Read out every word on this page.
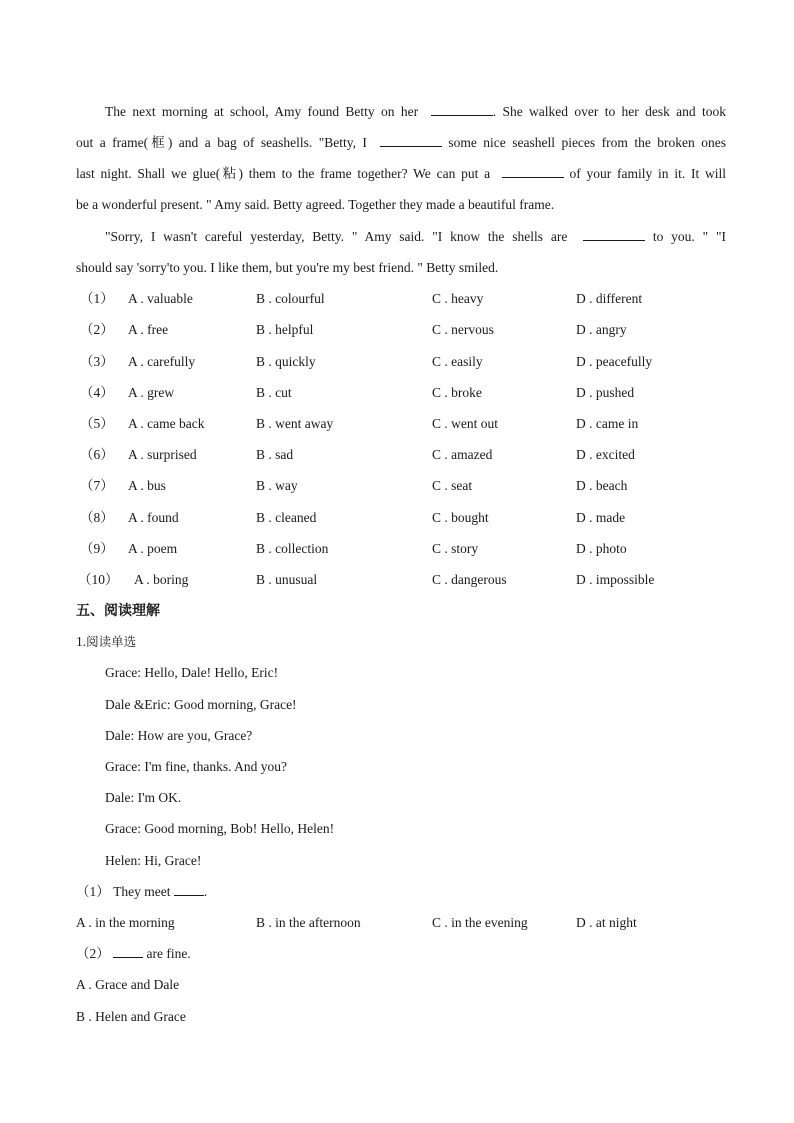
The next morning at school, Amy found Betty on her	. She walked over to her desk and took
out a frame(框) and a bag of seashells. "Betty, I	some nice seashell pieces from the broken ones
last night. Shall we glue(粘) them to the frame together? We can put a	of your family in it. It will
be a wonderful present. " Amy said. Betty agreed. Together they made a beautiful frame.
"Sorry, I wasn't careful yesterday, Betty. " Amy said. "I know the shells are	to you. " "I
should say 'sorry'to you. I like them, but you're my best friend. " Betty smiled.
（1） A . valuable	B . colourful	C . heavy	D . different
（2） A . free	B . helpful	C . nervous	D . angry
（3） A . carefully	B . quickly	C . easily	D . peacefully
（4） A . grew	B . cut	C . broke	D . pushed
（5） A . came back	B . went away	C . went out	D . came in
（6） A . surprised	B . sad	C . amazed	D . excited
（7） A . bus	B . way	C . seat	D . beach
（8） A . found	B . cleaned	C . bought	D . made
（9） A . poem	B . collection	C . story	D . photo
（10） A . boring	B . unusual	C . dangerous	D . impossible
五、阅读理解
1.阅读单选
Grace: Hello, Dale! Hello, Eric!
Dale &Eric: Good morning, Grace!
Dale: How are you, Grace?
Grace: I'm fine, thanks. And you?
Dale: I'm OK.
Grace: Good morning, Bob! Hello, Helen!
Helen: Hi, Grace!
（1） They meet .
A . in the morning	B . in the afternoon	C . in the evening	D . at night
（2）	are fine.
A . Grace and Dale
B . Helen and Grace
